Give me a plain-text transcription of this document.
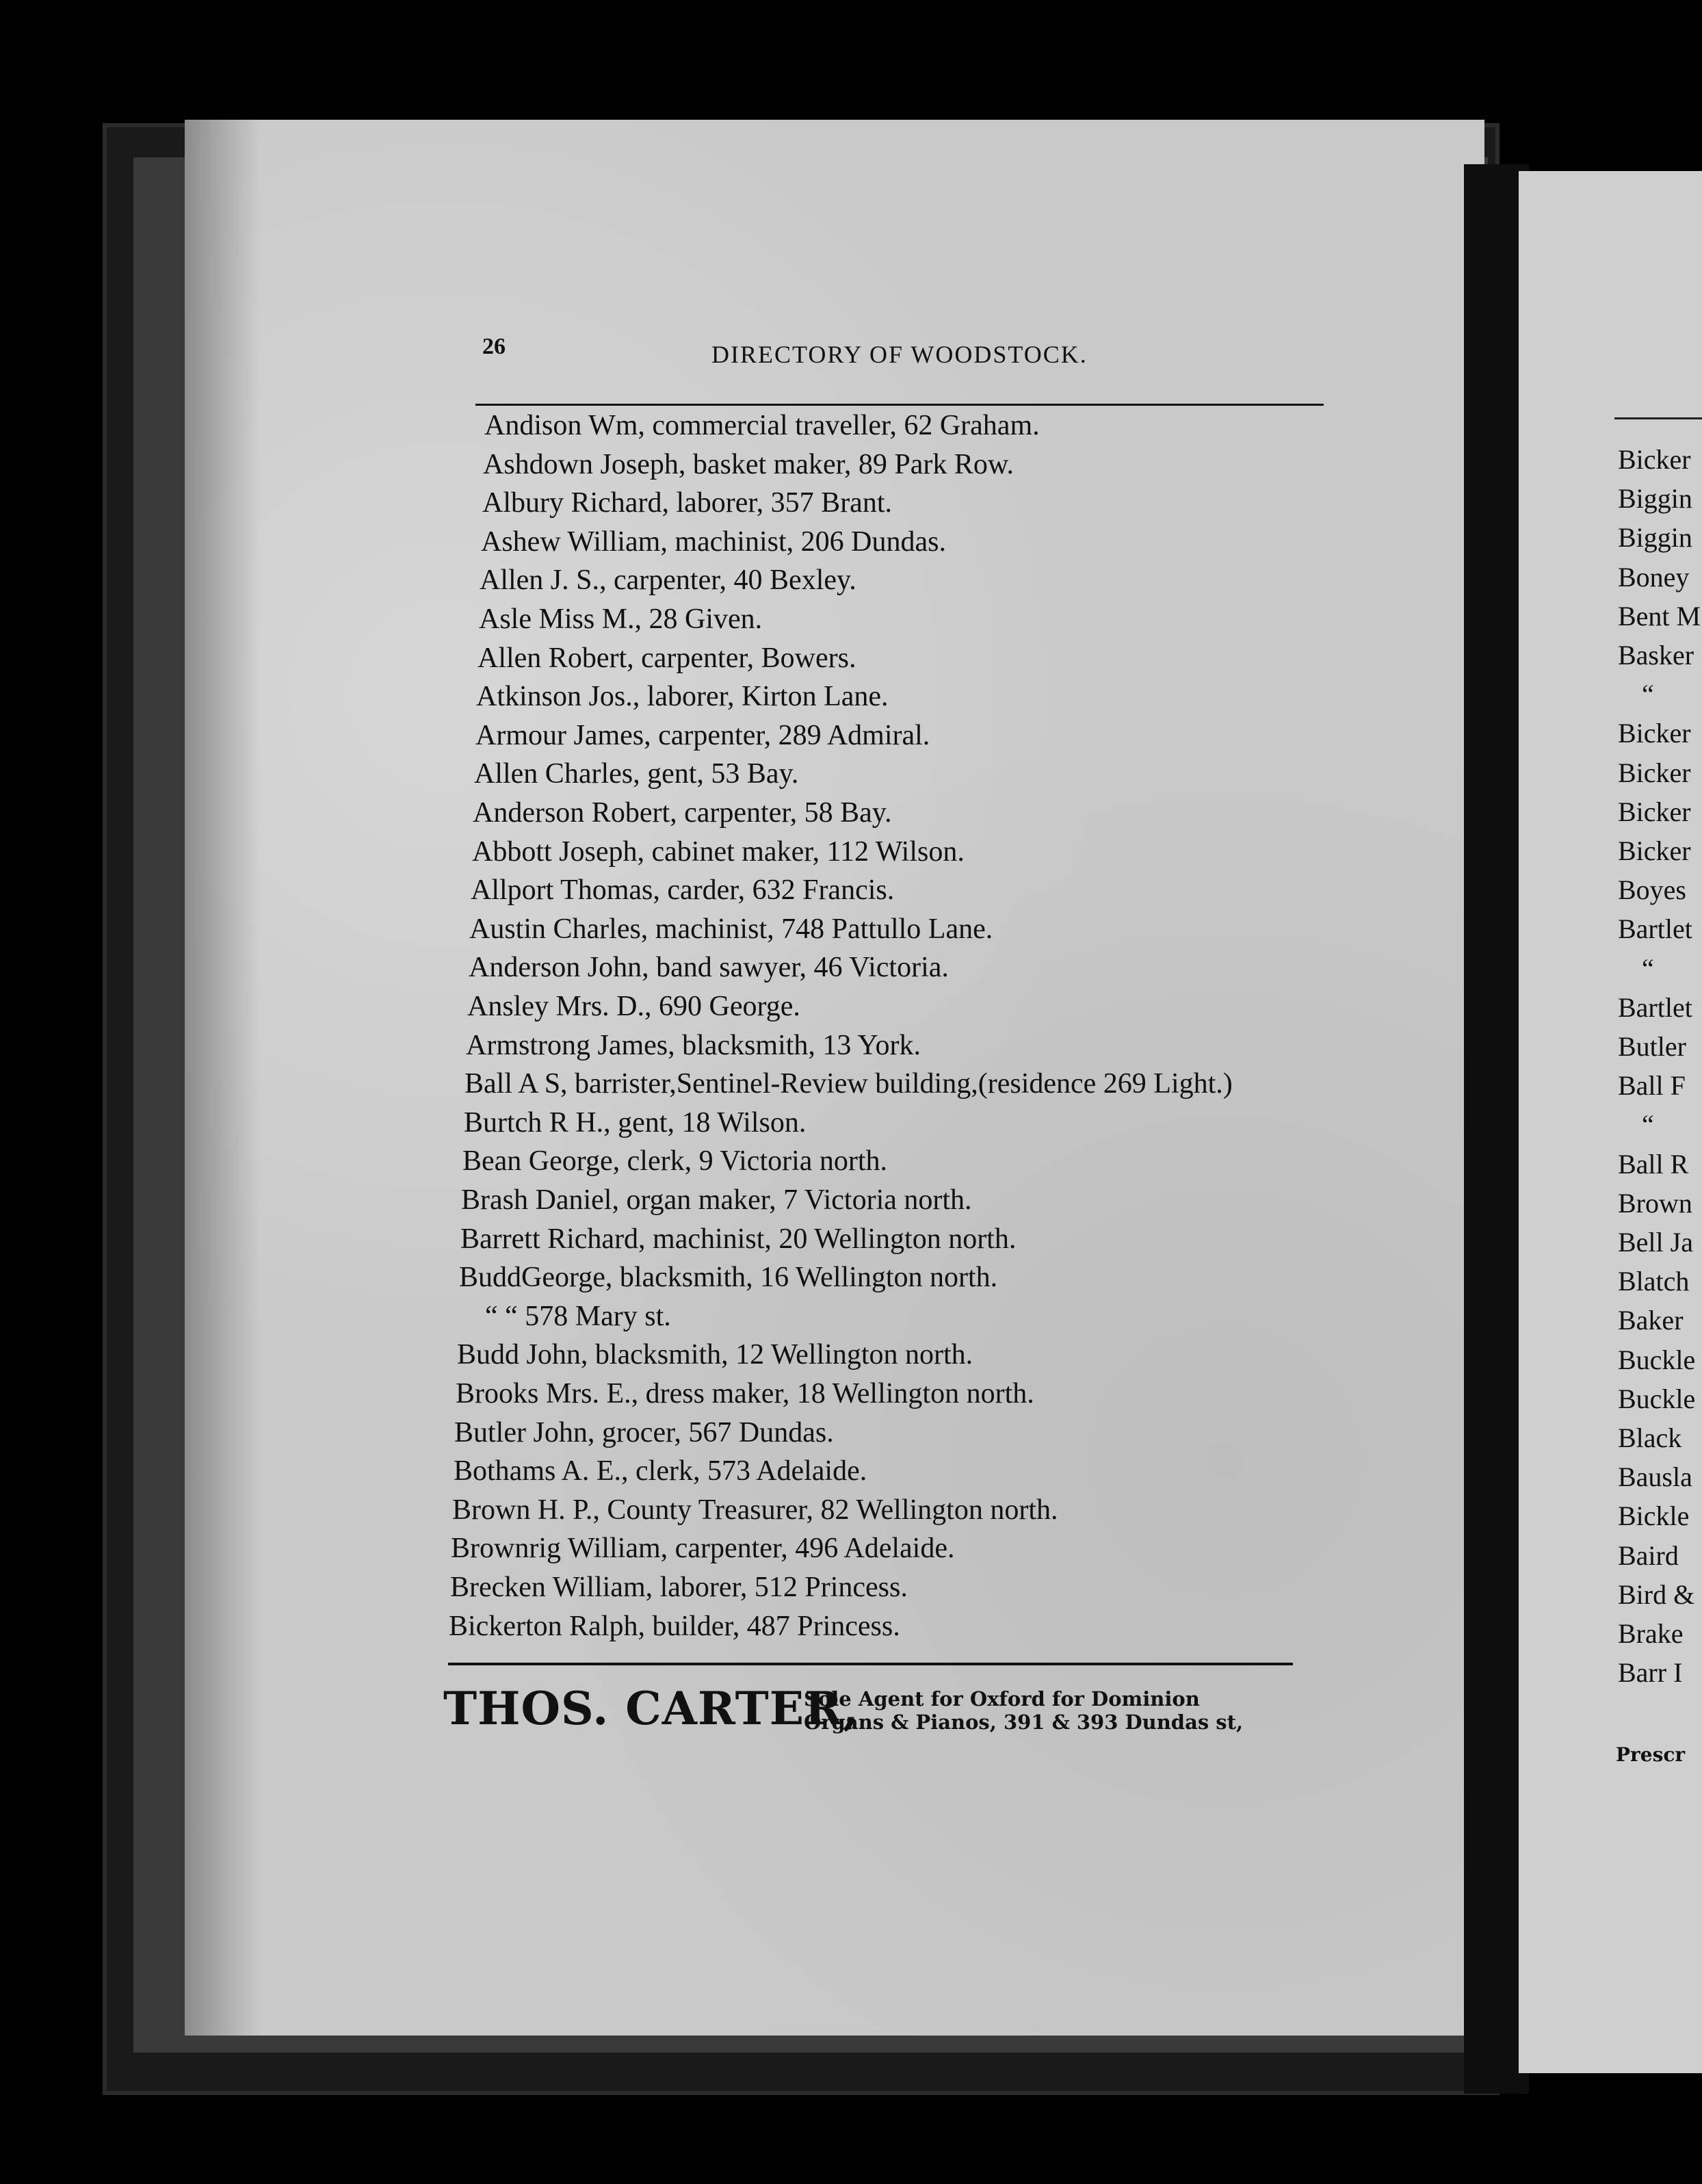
26	DIRECTORY OF WOODSTOCK.
Andison Wm, commercial traveller, 62 Graham.
Ashdown Joseph, basket maker, 89 Park Row.
Albury Richard, laborer, 357 Brant.
Ashew William, machinist, 206 Dundas.
Allen J. S., carpenter, 40 Bexley.
Asle Miss M., 28 Given.
Allen Robert, carpenter, Bowers.
Atkinson Jos., laborer, Kirton Lane.
Armour James, carpenter, 289 Admiral.
Allen Charles, gent, 53 Bay.
Anderson Robert, carpenter, 58 Bay.
Abbott Joseph, cabinet maker, 112 Wilson.
Allport Thomas, carder, 632 Francis.
Austin Charles, machinist, 748 Pattullo Lane.
Anderson John, band sawyer, 46 Victoria.
Ansley Mrs. D., 690 George.
Armstrong James, blacksmith, 13 York.
Ball A S, barrister,Sentinel-Review building,(residence 269 Light.)
Burtch R H., gent, 18 Wilson.
Bean George, clerk, 9 Victoria north.
Brash Daniel, organ maker, 7 Victoria north.
Barrett Richard, machinist, 20 Wellington north.
BuddGeorge, blacksmith, 16 Wellington north.
“ “ 578 Mary st.
Budd John, blacksmith, 12 Wellington north.
Brooks Mrs. E., dress maker, 18 Wellington north.
Butler John, grocer, 567 Dundas.
Bothams A. E., clerk, 573 Adelaide.
Brown H. P., County Treasurer, 82 Wellington north.
Brownrig William, carpenter, 496 Adelaide.
Brecken William, laborer, 512 Princess.
Bickerton Ralph, builder, 487 Princess.
THOS. CARTER,
Sole Agent for Oxford for Dominion
Organs & Pianos, 391 & 393 Dundas st,
Bicker
Biggin
Biggin
Boney
Bent M
Basker
“
Bicker
Bicker
Bicker
Bicker
Boyes
Bartlet
“
Bartlet
Butler
Ball F
“
Ball R
Brown
Bell Ja
Blatch
Baker
Buckle
Buckle
Black
Bausla
Bickle
Baird
Bird &
Brake
Barr I
Prescr
